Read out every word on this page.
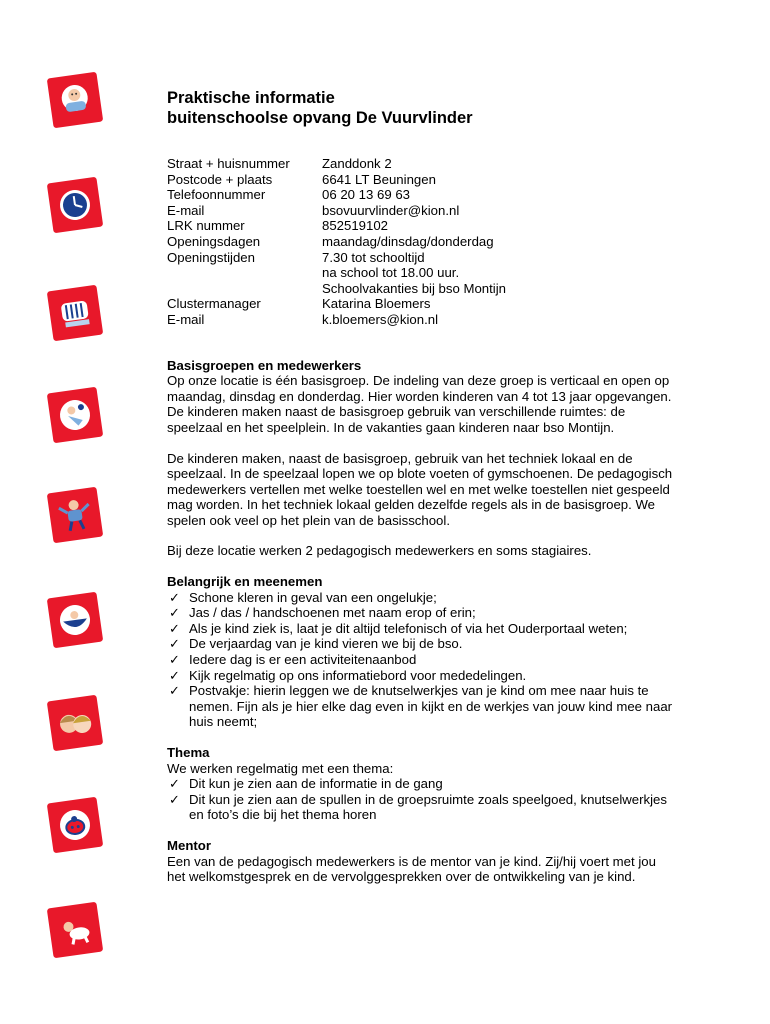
Praktische informatie
buitenschoolse opvang De Vuurvlinder
Straat + huisnummer	Zanddonk 2
Postcode + plaats	6641 LT Beuningen
Telefoonnummer	06 20 13 69 63
E-mail	bsovuurvlinder@kion.nl
LRK nummer	852519102
Openingsdagen	maandag/dinsdag/donderdag
Openingstijden	7.30 tot schooltijd
na school tot 18.00 uur.
Schoolvakanties bij bso Montijn
Clustermanager	Katarina Bloemers
E-mail	k.bloemers@kion.nl
Basisgroepen en medewerkers

Op onze locatie is één basisgroep. De indeling van deze groep is verticaal en open op maandag, dinsdag en donderdag. Hier worden kinderen van 4 tot 13 jaar opgevangen. De kinderen maken naast de basisgroep gebruik van verschillende ruimtes: de speelzaal en het speelplein. In de vakanties gaan kinderen naar bso Montijn.

De kinderen maken, naast de basisgroep, gebruik van het techniek lokaal en de speelzaal. In de speelzaal lopen we op blote voeten of gymschoenen. De pedagogisch medewerkers vertellen met welke toestellen wel en met welke toestellen niet gespeeld mag worden. In het techniek lokaal gelden dezelfde regels als in de basisgroep. We spelen ook veel op het plein van de basisschool.

Bij deze locatie werken 2 pedagogisch medewerkers en soms stagiaires.

Belangrijk en meenemen
✓ Schone kleren in geval van een ongelukje;
✓ Jas / das / handschoenen met naam erop of erin;
✓ Als je kind ziek is, laat je dit altijd telefonisch of via het Ouderportaal weten;
✓ De verjaardag van je kind vieren we bij de bso.
✓ Iedere dag is er een activiteitenaanbod
✓ Kijk regelmatig op ons informatiebord voor mededelingen.
✓ Postvakje: hierin leggen we de knutselwerkjes van je kind om mee naar huis te nemen. Fijn als je hier elke dag even in kijkt en de werkjes van jouw kind mee naar huis neemt;
Thema
We werken regelmatig met een thema:
✓ Dit kun je zien aan de informatie in de gang
✓ Dit kun je zien aan de spullen in de groepsruimte zoals speelgoed, knutselwerkjes en foto’s die bij het thema horen
Mentor

Een van de pedagogisch medewerkers is de mentor van je kind. Zij/hij voert met jou het welkomstgesprek en de vervolggesprekken over de ontwikkeling van je kind.
